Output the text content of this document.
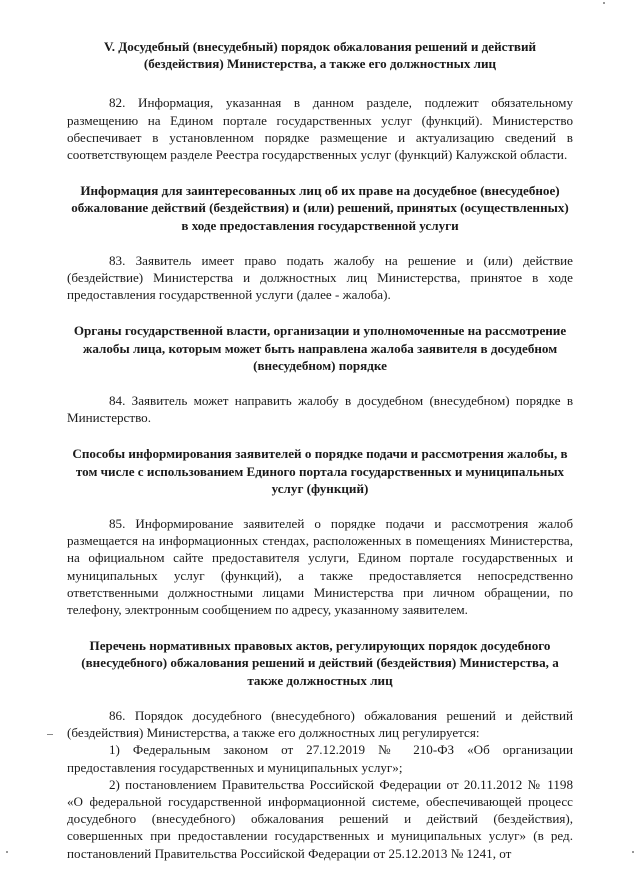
V. Досудебный (внесудебный) порядок обжалования решений и действий (бездействия) Министерства, а также его должностных лиц

82. Информация, указанная в данном разделе, подлежит обязательному размещению на Едином портале государственных услуг (функций). Министерство обеспечивает в установленном порядке размещение и актуализацию сведений в соответствующем разделе Реестра государственных услуг (функций) Калужской области.

Информация для заинтересованных лиц об их праве на досудебное (внесудебное) обжалование действий (бездействия) и (или) решений, принятых (осуществленных) в ходе предоставления государственной услуги

83. Заявитель имеет право подать жалобу на решение и (или) действие (бездействие) Министерства и должностных лиц Министерства, принятое в ходе предоставления государственной услуги (далее - жалоба).

Органы государственной власти, организации и уполномоченные на рассмотрение жалобы лица, которым может быть направлена жалоба заявителя в досудебном (внесудебном) порядке

84. Заявитель может направить жалобу в досудебном (внесудебном) порядке в Министерство.

Способы информирования заявителей о порядке подачи и рассмотрения жалобы, в том числе с использованием Единого портала государственных и муниципальных услуг (функций)

85. Информирование заявителей о порядке подачи и рассмотрения жалоб размещается на информационных стендах, расположенных в помещениях Министерства, на официальном сайте предоставителя услуги, Едином портале государственных и муниципальных услуг (функций), а также предоставляется непосредственно ответственными должностными лицами Министерства при личном обращении, по телефону, электронным сообщением по адресу, указанному заявителем.

Перечень нормативных правовых актов, регулирующих порядок досудебного (внесудебного) обжалования решений и действий (бездействия) Министерства, а также должностных лиц

86. Порядок досудебного (внесудебного) обжалования решений и действий (бездействия) Министерства, а также его должностных лиц регулируется:

1) Федеральным законом от 27.12.2019 № 210-ФЗ «Об организации предоставления государственных и муниципальных услуг»;

2) постановлением Правительства Российской Федерации от 20.11.2012 № 1198 «О федеральной государственной информационной системе, обеспечивающей процесс досудебного (внесудебного) обжалования решений и действий (бездействия), совершенных при предоставлении государственных и муниципальных услуг» (в ред. постановлений Правительства Российской Федерации от 25.12.2013 № 1241, от
